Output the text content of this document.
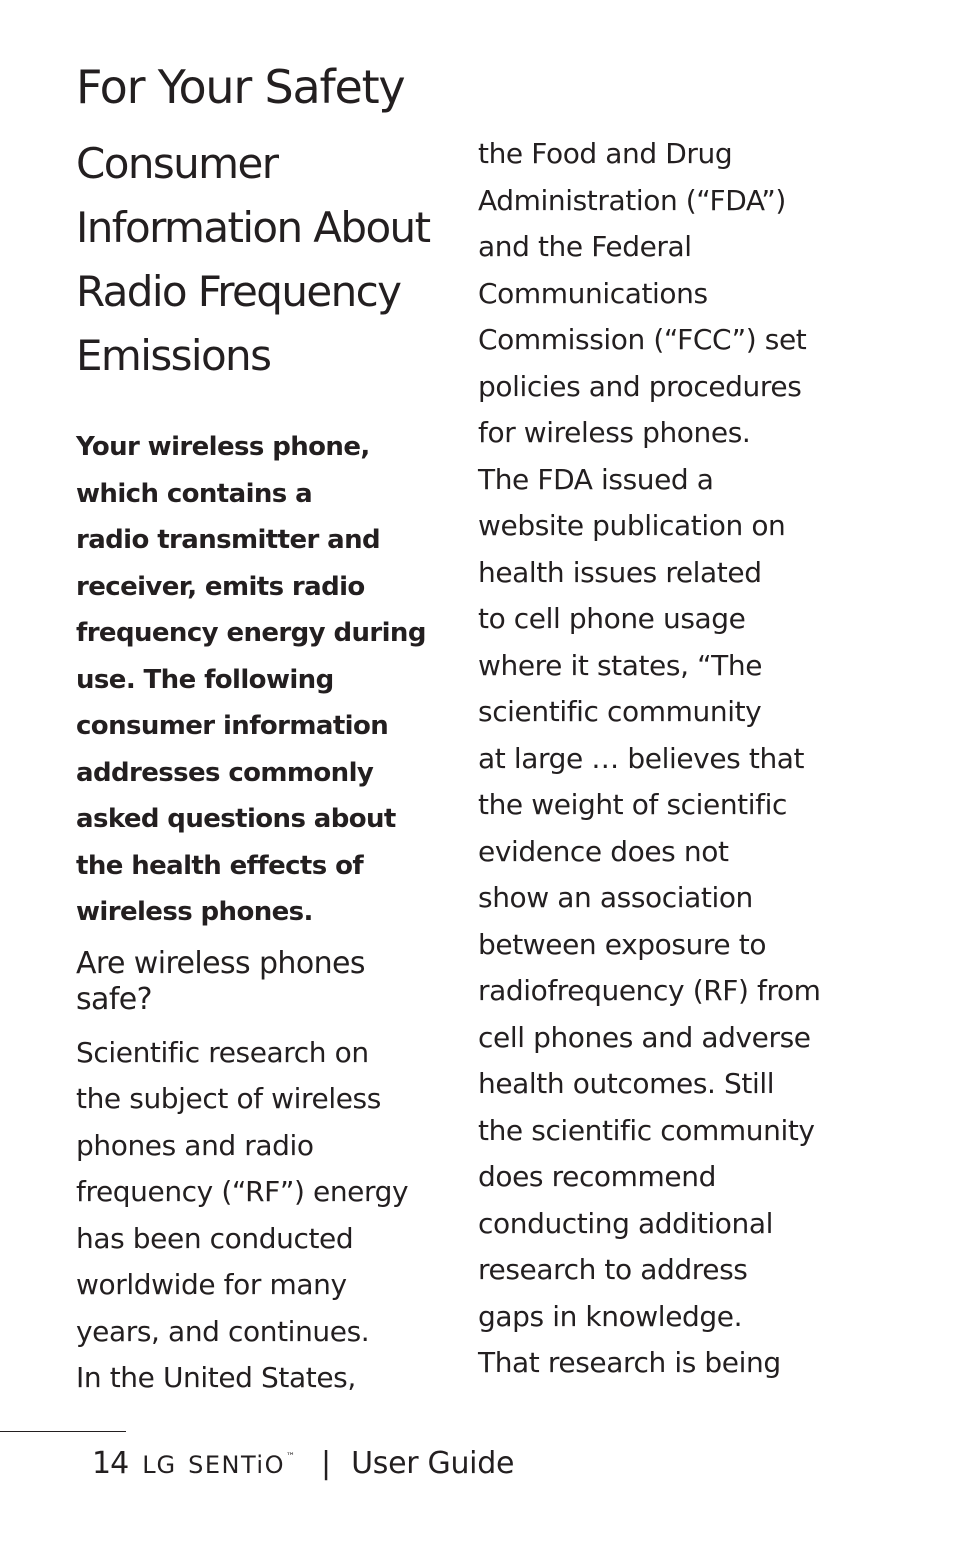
For Your Safety
Consumer
Information About
Radio Frequency
Emissions

Your wireless phone,
which contains a
radio transmitter and
receiver, emits radio
frequency energy during
use. The following
consumer information
addresses commonly
asked questions about
the health effects of
wireless phones.

Are wireless phones
safe?

Scientific research on
the subject of wireless
phones and radio
frequency (“RF”) energy
has been conducted
worldwide for many
years, and continues.
In the United States,

the Food and Drug
Administration (“FDA”)
and the Federal
Communications
Commission (“FCC”) set
policies and procedures
for wireless phones.
The FDA issued a
website publication on
health issues related
to cell phone usage
where it states, “The
scientific community
at large … believes that
the weight of scientific
evidence does not
show an association
between exposure to
radiofrequency (RF) from
cell phones and adverse
health outcomes. Still
the scientific community
does recommend
conducting additional
research to address
gaps in knowledge.
That research is being

14 LG SENTiO ™ | User Guide
